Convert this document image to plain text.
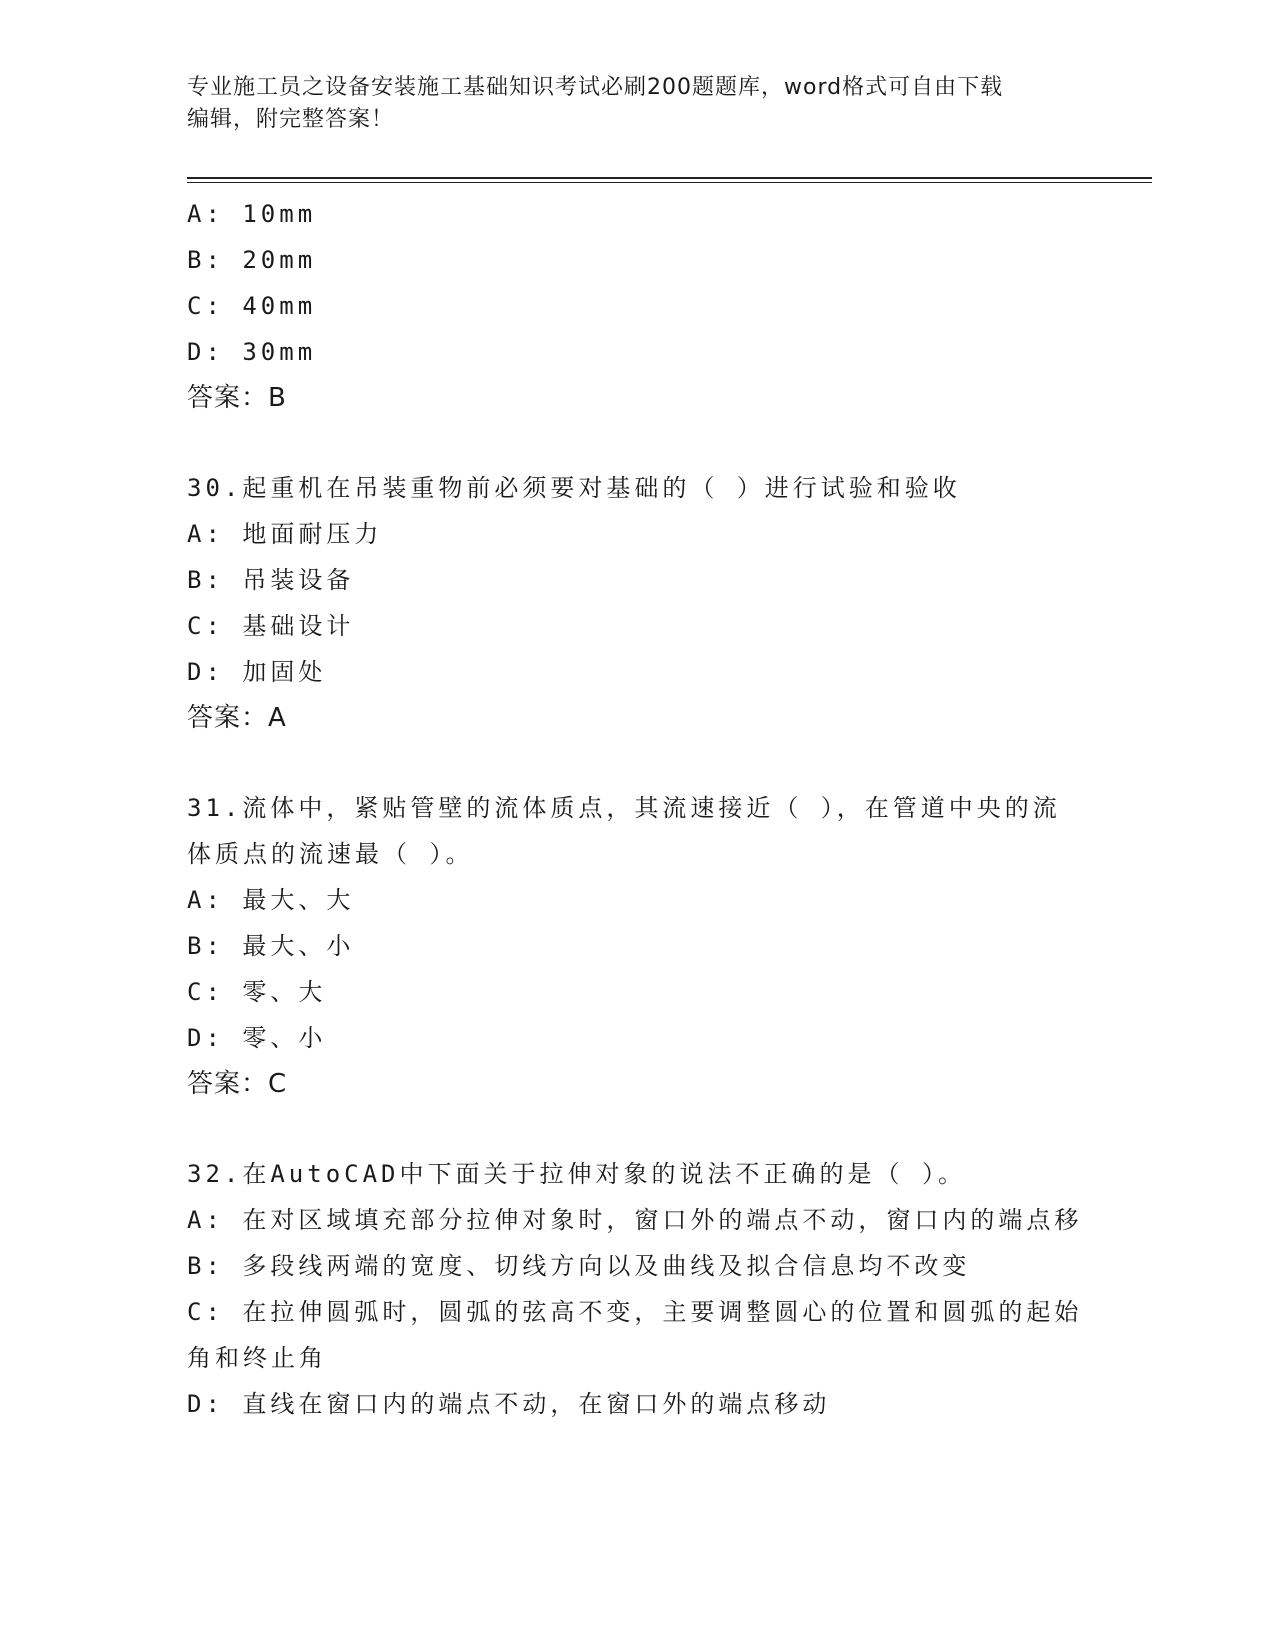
专业施工员之设备安装施工基础知识考试必刷200题题库，word格式可自由下载
编辑，附完整答案！
A: 10mm
B: 20mm
C: 40mm
D: 30mm
答案：B
30.起重机在吊装重物前必须要对基础的（ ）进行试验和验收
A: 地面耐压力
B: 吊装设备
C: 基础设计
D: 加固处
答案：A
31.流体中，紧贴管壁的流体质点，其流速接近（ ），在管道中央的流体质点的流速最（ ）。
A: 最大、大
B: 最大、小
C: 零、大
D: 零、小
答案：C
32.在AutoCAD中下面关于拉伸对象的说法不正确的是（ ）。
A: 在对区域填充部分拉伸对象时，窗口外的端点不动，窗口内的端点移
B: 多段线两端的宽度、切线方向以及曲线及拟合信息均不改变
C: 在拉伸圆弧时，圆弧的弦高不变，主要调整圆心的位置和圆弧的起始角和终止角
D: 直线在窗口内的端点不动，在窗口外的端点移动
